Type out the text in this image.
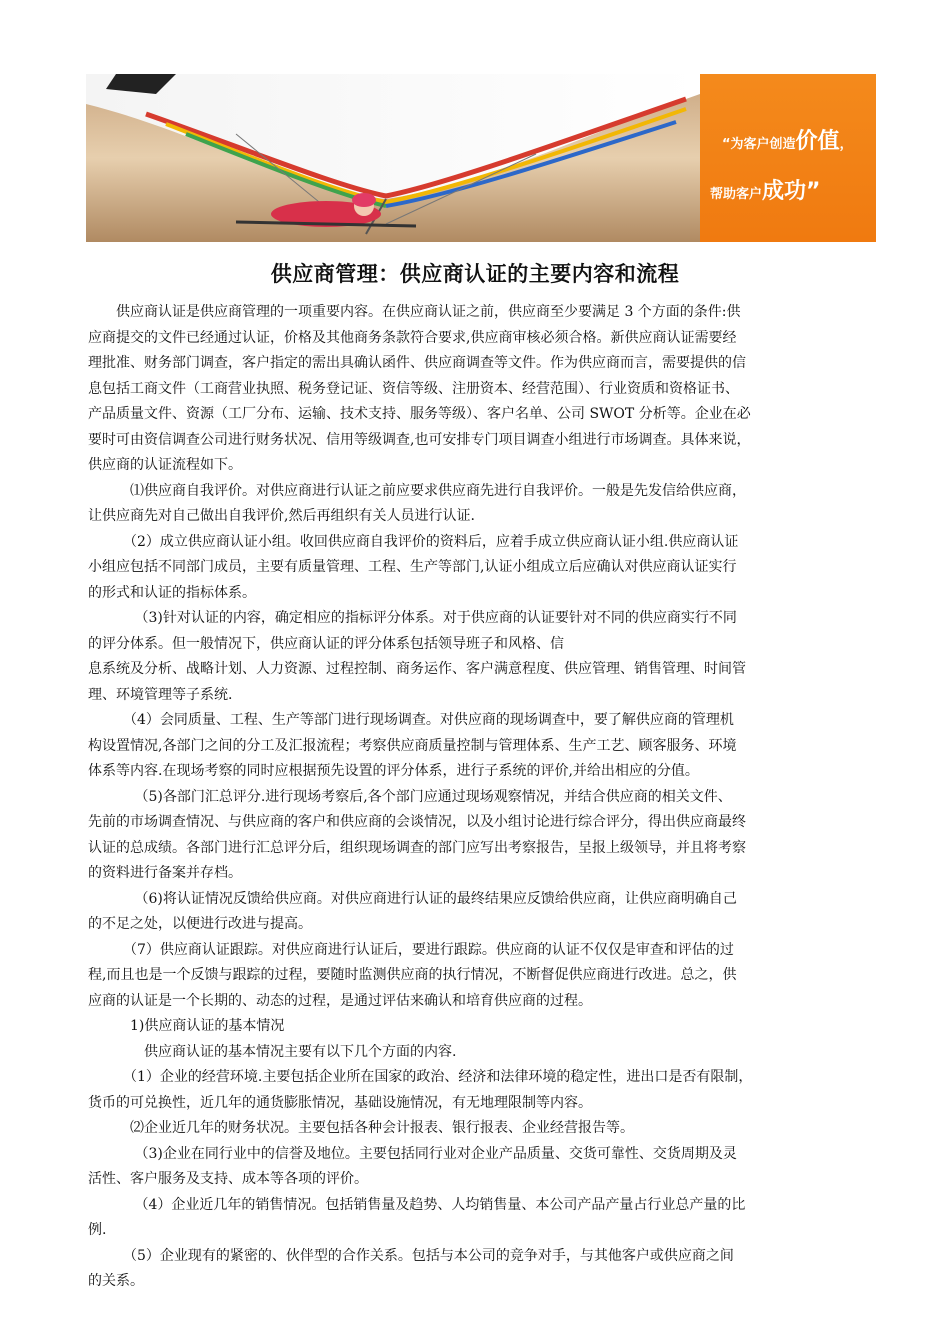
“为客户创造价值，
帮助客户成功”
供应商管理：供应商认证的主要内容和流程
　　供应商认证是供应商管理的一项重要内容。在供应商认证之前，供应商至少要满足 3 个方面的条件:供
应商提交的文件已经通过认证，价格及其他商务条款符合要求,供应商审核必须合格。新供应商认证需要经
理批准、财务部门调查，客户指定的需出具确认函件、供应商调查等文件。作为供应商而言，需要提供的信
息包括工商文件（工商营业执照、税务登记证、资信等级、注册资本、经营范围）、行业资质和资格证书、
产品质量文件、资源（工厂分布、运输、技术支持、服务等级）、客户名单、公司 SWOT 分析等。企业在必
要时可由资信调查公司进行财务状况、信用等级调查,也可安排专门项目调查小组进行市场调查。具体来说，
供应商的认证流程如下。
　　　⑴供应商自我评价。对供应商进行认证之前应要求供应商先进行自我评价。一般是先发信给供应商，
让供应商先对自己做出自我评价,然后再组织有关人员进行认证.
　　　（2）成立供应商认证小组。收回供应商自我评价的资料后，应着手成立供应商认证小组.供应商认证
小组应包括不同部门成员，主要有质量管理、工程、生产等部门,认证小组成立后应确认对供应商认证实行
的形式和认证的指标体系。
　　　 （3)针对认证的内容，确定相应的指标评分体系。对于供应商的认证要针对不同的供应商实行不同
的评分体系。但一般情况下，供应商认证的评分体系包括领导班子和风格、信
息系统及分析、战略计划、人力资源、过程控制、商务运作、客户满意程度、供应管理、销售管理、时间管
理、环境管理等子系统.
　　　（4）会同质量、工程、生产等部门进行现场调查。对供应商的现场调查中，要了解供应商的管理机
构设置情况,各部门之间的分工及汇报流程；考察供应商质量控制与管理体系、生产工艺、顾客服务、环境
体系等内容.在现场考察的同时应根据预先设置的评分体系，进行子系统的评价,并给出相应的分值。
　　　 （5)各部门汇总评分.进行现场考察后,各个部门应通过现场观察情况，并结合供应商的相关文件、
先前的市场调查情况、与供应商的客户和供应商的会谈情况，以及小组讨论进行综合评分，得出供应商最终
认证的总成绩。各部门进行汇总评分后，组织现场调查的部门应写出考察报告，呈报上级领导，并且将考察
的资料进行备案并存档。
　　　 （6)将认证情况反馈给供应商。对供应商进行认证的最终结果应反馈给供应商，让供应商明确自己
的不足之处，以便进行改进与提高。
　　　（7）供应商认证跟踪。对供应商进行认证后，要进行跟踪。供应商的认证不仅仅是审查和评估的过
程,而且也是一个反馈与跟踪的过程，要随时监测供应商的执行情况，不断督促供应商进行改进。总之，供
应商的认证是一个长期的、动态的过程，是通过评估来确认和培育供应商的过程。
　　　1)供应商认证的基本情况
　　　　供应商认证的基本情况主要有以下几个方面的内容.
　　　（1）企业的经营环境.主要包括企业所在国家的政治、经济和法律环境的稳定性，进出口是否有限制，
货币的可兑换性，近几年的通货膨胀情况，基础设施情况，有无地理限制等内容。
　　　⑵企业近几年的财务状况。主要包括各种会计报表、银行报表、企业经营报告等。
　　　 （3)企业在同行业中的信誉及地位。主要包括同行业对企业产品质量、交货可靠性、交货周期及灵
活性、客户服务及支持、成本等各项的评价。
　　　 （4）企业近几年的销售情况。包括销售量及趋势、人均销售量、本公司产品产量占行业总产量的比
例.
　　　（5）企业现有的紧密的、伙伴型的合作关系。包括与本公司的竞争对手，与其他客户或供应商之间
的关系。
